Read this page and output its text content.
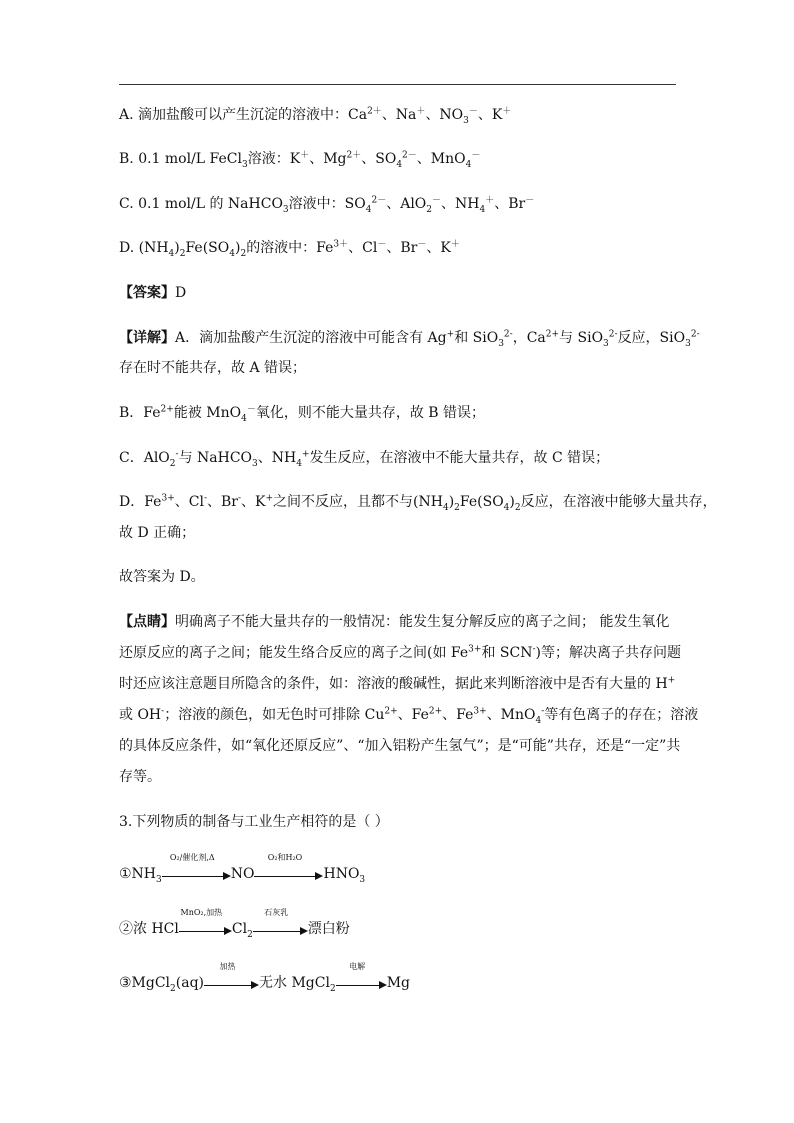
A. 滴加盐酸可以产生沉淀的溶液中：$Ca^{2+}$、Na＋、$NO_3^-$、K＋
B. 0.1 mol/L FeCl$_3$溶液：K＋、$Mg^{2+}$、$SO_4^{2-}$、MnO$_4$－
C. 0.1 mol/L 的 NaHCO$_3$溶液中：$SO_4^{2-}$、AlO$_2$－、$NH_4^+$、Br－
D. $(NH_4)_2Fe(SO_4)_2$的溶液中：$Fe^{3+}$、Cl－、Br－、K＋
【答案】D
【详解】A．滴加盐酸产生沉淀的溶液中可能含有 Ag+和 SiO$_3^{2-}$，$Ca^{2+}$与 SiO$_3^{2-}$反应，SiO$_3^{2-}$
存在时不能共存，故 A 错误；
B．$Fe^{2+}$能被 MnO$_4$－氧化，则不能大量共存，故 B 错误；
C．AlO$_2$-与 NaHCO$_3$、$NH_4^+$发生反应，在溶液中不能大量共存，故 C 错误；
D．$Fe^{3+}$、Cl-、Br-、K+之间不反应，且都不与$(NH_4)_2Fe(SO_4)_2$反应，在溶液中能够大量共存，
故 D 正确；
故答案为 D。
【点睛】明确离子不能大量共存的一般情况：能发生复分解反应的离子之间； 能发生氧化
还原反应的离子之间；能发生络合反应的离子之间(如 $Fe^{3+}$和 SCN-)等；解决离子共存问题
时还应该注意题目所隐含的条件，如：溶液的酸碱性，据此来判断溶液中是否有大量的 H+
或 OH-；溶液的颜色，如无色时可排除 $Cu^{2+}$、$Fe^{2+}$、$Fe^{3+}$、MnO$_4$-等有色离子的存在；溶液
的具体反应条件，如“氧化还原反应”、“加入铝粉产生氢气”；是“可能”共存，还是“一定”共
存等。
3.下列物质的制备与工业生产相符的是（ ）
$①NH_3$
O₂/催化剂,Δ
NO
O₂和H₂O
$HNO_3$
②浓 HCl
MnO₂,加热
$Cl_2$
石灰乳
漂白粉
③MgCl$_2$(aq)
加热
无水 MgCl$_2$
电解
Mg
